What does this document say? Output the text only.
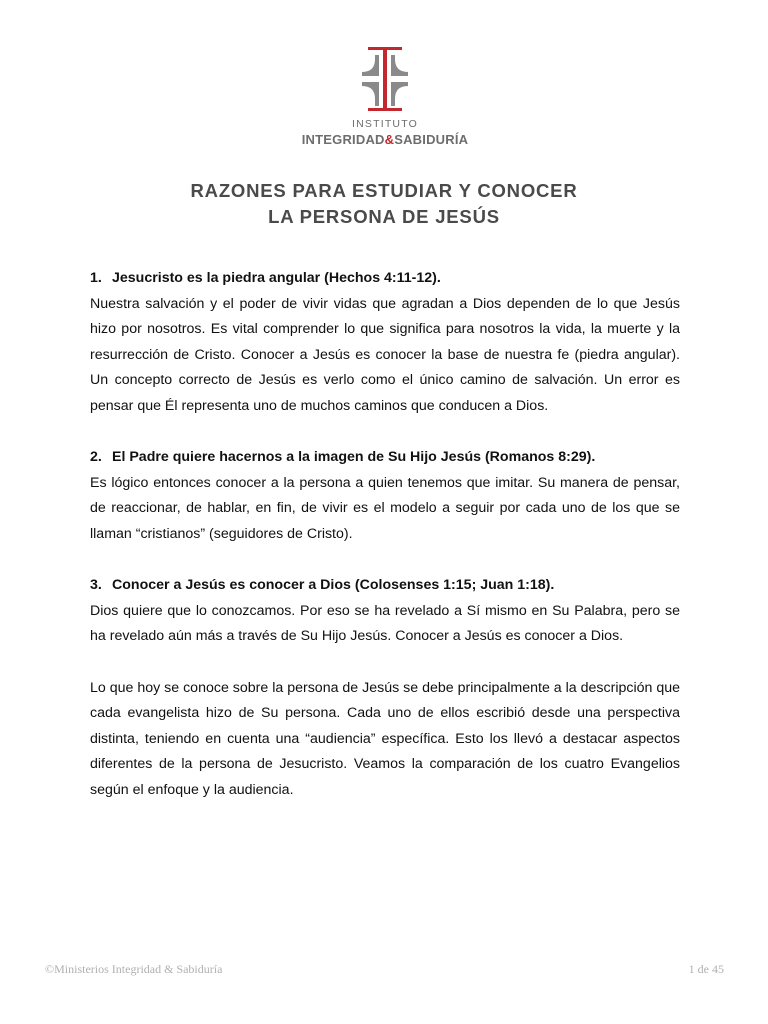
INSTITUTO
INTEGRIDAD&SABIDURÍA
RAZONES PARA ESTUDIAR Y CONOCER
LA PERSONA DE JESÚS

1. Jesucristo es la piedra angular (Hechos 4:11-12).

Nuestra salvación y el poder de vivir vidas que agradan a Dios dependen de lo que Jesús hizo por nosotros. Es vital comprender lo que significa para nosotros la vida, la muerte y la resurrección de Cristo. Conocer a Jesús es conocer la base de nuestra fe (piedra angular). Un concepto correcto de Jesús es verlo como el único camino de salvación. Un error es pensar que Él representa uno de muchos caminos que conducen a Dios.

2. El Padre quiere hacernos a la imagen de Su Hijo Jesús (Romanos 8:29).

Es lógico entonces conocer a la persona a quien tenemos que imitar. Su manera de pensar, de reaccionar, de hablar, en fin, de vivir es el modelo a seguir por cada uno de los que se llaman “cristianos” (seguidores de Cristo).

3. Conocer a Jesús es conocer a Dios (Colosenses 1:15; Juan 1:18).

Dios quiere que lo conozcamos. Por eso se ha revelado a Sí mismo en Su Palabra, pero se ha revelado aún más a través de Su Hijo Jesús. Conocer a Jesús es conocer a Dios.

Lo que hoy se conoce sobre la persona de Jesús se debe principalmente a la descripción que cada evangelista hizo de Su persona. Cada uno de ellos escribió desde una perspectiva distinta, teniendo en cuenta una “audiencia” específica. Esto los llevó a destacar aspectos diferentes de la persona de Jesucristo. Veamos la comparación de los cuatro Evangelios según el enfoque y la audiencia.

©Ministerios Integridad & Sabiduría	1 de 45
